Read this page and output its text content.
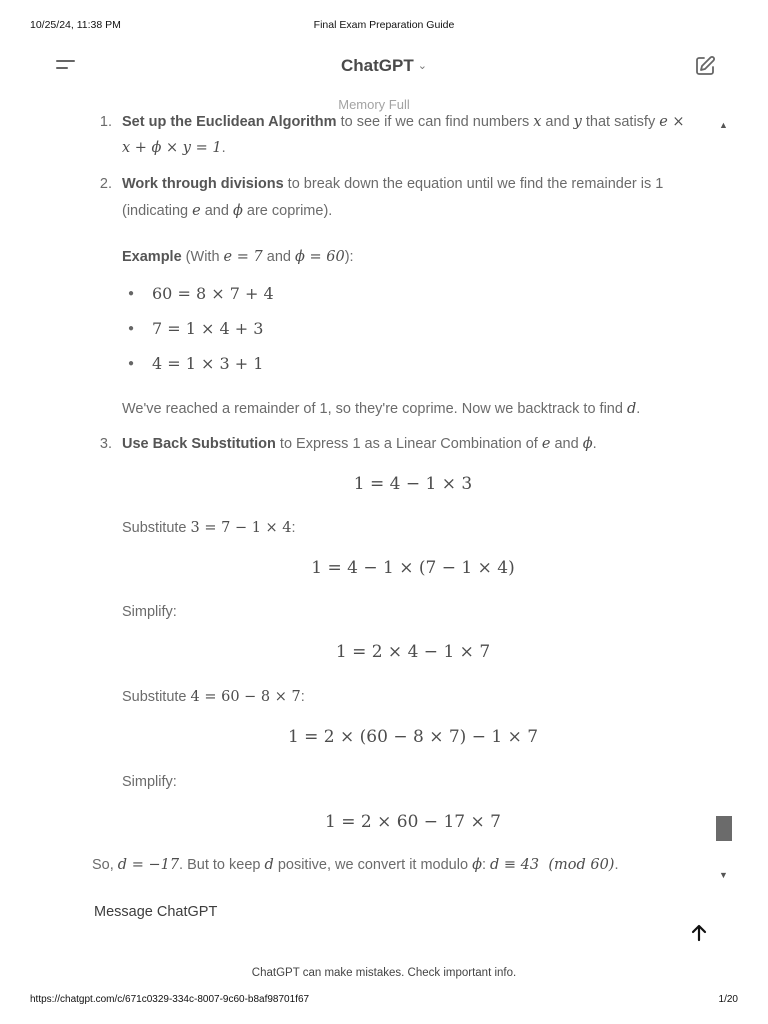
10/25/24, 11:38 PM	Final Exam Preparation Guide
ChatGPT ⌄
Memory Full
1. Set up the Euclidean Algorithm to see if we can find numbers x and y that satisfy e ×
x + ϕ × y = 1.
2. Work through divisions to break down the equation until we find the remainder is 1
(indicating e and ϕ are coprime).
Example (With e = 7 and ϕ = 60):
● 60 = 8 × 7 + 4
● 7 = 1 × 4 + 3
● 4 = 1 × 3 + 1
We've reached a remainder of 1, so they're coprime. Now we backtrack to find d.
3. Use Back Substitution to Express 1 as a Linear Combination of e and ϕ.
1 = 4 − 1 × 3
Substitute 3 = 7 − 1 × 4:
1 = 4 − 1 × (7 − 1 × 4)
Simplify:
1 = 2 × 4 − 1 × 7
Substitute 4 = 60 − 8 × 7:
1 = 2 × (60 − 8 × 7) − 1 × 7
Simplify:
1 = 2 × 60 − 17 × 7
So, d = −17. But to keep d positive, we convert it modulo ϕ: d ≡ 43  (mod 60).
▲
▼
Message ChatGPT
ChatGPT can make mistakes. Check important info.
https://chatgpt.com/c/671c0329-334c-8007-9c60-b8af98701f67	1/20
